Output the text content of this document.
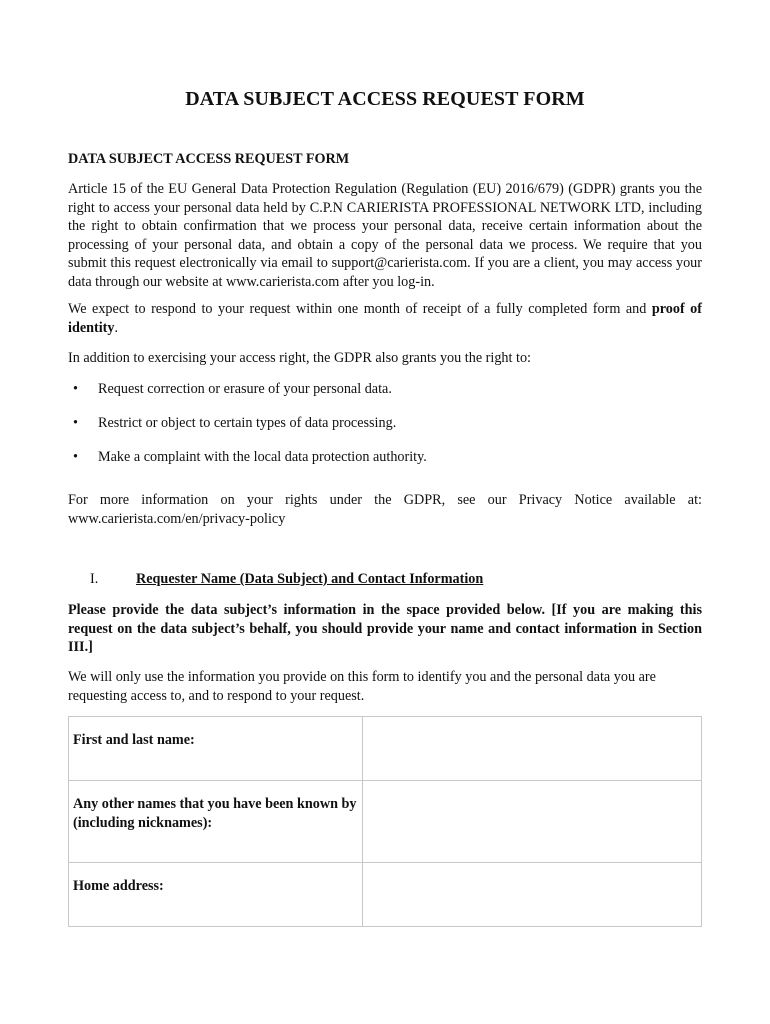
DATA SUBJECT ACCESS REQUEST FORM

DATA SUBJECT ACCESS REQUEST FORM

Article 15 of the EU General Data Protection Regulation (Regulation (EU) 2016/679) (GDPR) grants you the right to access your personal data held by C.P.N CARIERISTA PROFESSIONAL NETWORK LTD, including the right to obtain confirmation that we process your personal data, receive certain information about the processing of your personal data, and obtain a copy of the personal data we process. We require that you submit this request electronically via email to support@carierista.com. If you are a client, you may access your data through our website at www.carierista.com after you log-in.

We expect to respond to your request within one month of receipt of a fully completed form and proof of identity.

In addition to exercising your access right, the GDPR also grants you the right to:

• Request correction or erasure of your personal data.
• Restrict or object to certain types of data processing.
• Make a complaint with the local data protection authority.

For more information on your rights under the GDPR, see our Privacy Notice available at: www.carierista.com/en/privacy-policy

I.	Requester Name (Data Subject) and Contact Information

Please provide the data subject’s information in the space provided below. [If you are making this request on the data subject’s behalf, you should provide your name and contact information in Section III.]

We will only use the information you provide on this form to identify you and the personal data you are requesting access to, and to respond to your request.

First and last name:	
Any other names that you have been known by (including nicknames):	
Home address:	
